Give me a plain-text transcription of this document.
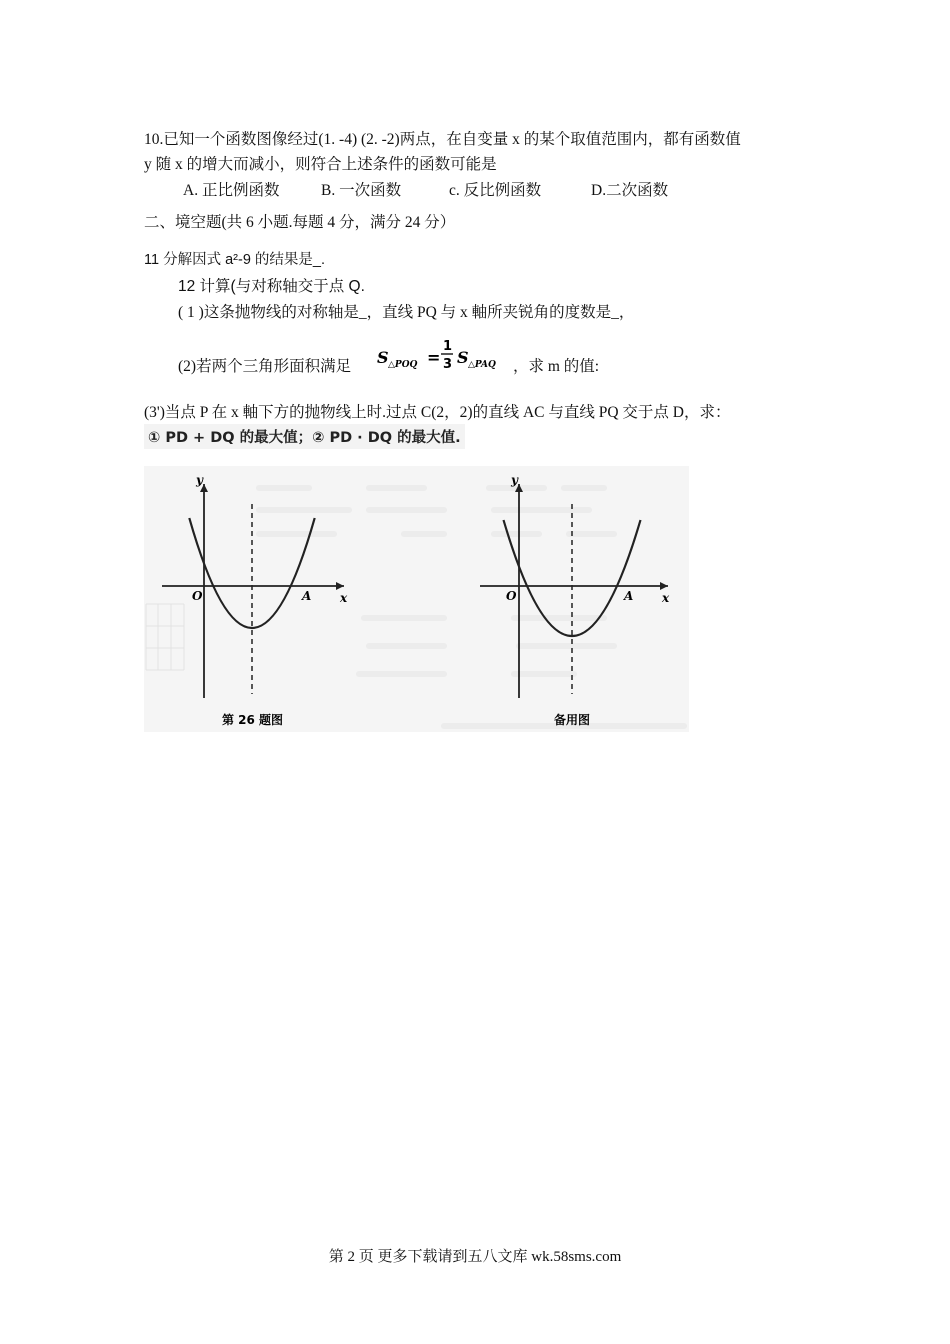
10.已知一个函数图像经过(1. -4) (2. -2)两点，在自变量 x 的某个取值范围内，都有函数值
y 随 x 的增大而减小，则符合上述条件的函数可能是
A. 正比例函数	B. 一次函数	c. 反比例函数	D.二次函数
二、境空题(共 6 小题.每题 4 分，满分 24 分）
11 分解因式 a²-9 的结果是_.
12 计算(与对称轴交于点 Q.
( 1 )这条抛物线的对称轴是_，直线 PQ 与 x 軸所夹锐角的度数是_，
(2)若两个三角形面积满足 S △POQ =
1
3 S △PAQ ，求 m 的值:
(3')当点 P 在 x 軸下方的抛物线上时.过点 C(2，2)的直线 AC 与直线 PQ 交于点 D，求：
① PD + DQ 的最大值；② PD · DQ 的最大值.
y
x
O	A
第 26 题图
y
x
O	A
备用图
第 2 页 更多下载请到五八文库 wk.58sms.com
